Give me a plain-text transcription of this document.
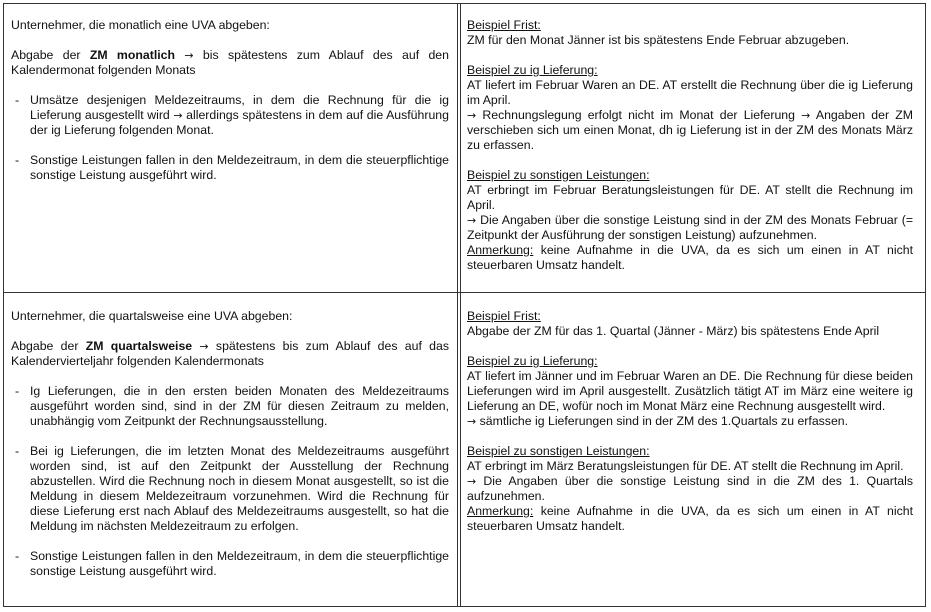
Unternehmer, die monatlich eine UVA abgeben:

Abgabe der ZM monatlich → bis spätestens zum Ablauf des auf den Kalendermonat folgenden Monats

- Umsätze desjenigen Meldezeitraums, in dem die Rechnung für die ig Lieferung ausgestellt wird → allerdings spätestens in dem auf die Ausführung der ig Lieferung folgenden Monat.

- Sonstige Leistungen fallen in den Meldezeitraum, in dem die steuerpflichtige sonstige Leistung ausgeführt wird.

Beispiel Frist:

ZM für den Monat Jänner ist bis spätestens Ende Februar abzugeben.

Beispiel zu ig Lieferung:

AT liefert im Februar Waren an DE. AT erstellt die Rechnung über die ig Lieferung im April.

→ Rechnungslegung erfolgt nicht im Monat der Lieferung → Angaben der ZM verschieben sich um einen Monat, dh ig Lieferung ist in der ZM des Monats März zu erfassen.

Beispiel zu sonstigen Leistungen:

AT erbringt im Februar Beratungsleistungen für DE. AT stellt die Rechnung im April.

→ Die Angaben über die sonstige Leistung sind in der ZM des Monats Februar (= Zeitpunkt der Ausführung der sonstigen Leistung) aufzunehmen.

Anmerkung: keine Aufnahme in die UVA, da es sich um einen in AT nicht steuerbaren Umsatz handelt.

Unternehmer, die quartalsweise eine UVA abgeben:

Abgabe der ZM quartalsweise → spätestens bis zum Ablauf des auf das Kalendervierteljahr folgenden Kalendermonats

- Ig Lieferungen, die in den ersten beiden Monaten des Meldezeitraums ausgeführt worden sind, sind in der ZM für diesen Zeitraum zu melden, unabhängig vom Zeitpunkt der Rechnungsausstellung.

- Bei ig Lieferungen, die im letzten Monat des Meldezeitraums ausgeführt worden sind, ist auf den Zeitpunkt der Ausstellung der Rechnung abzustellen. Wird die Rechnung noch in diesem Monat ausgestellt, so ist die Meldung in diesem Meldezeitraum vorzunehmen. Wird die Rechnung für diese Lieferung erst nach Ablauf des Meldezeitraums ausgestellt, so hat die Meldung im nächsten Meldezeitraum zu erfolgen.

- Sonstige Leistungen fallen in den Meldezeitraum, in dem die steuerpflichtige sonstige Leistung ausgeführt wird.

Beispiel Frist:

Abgabe der ZM für das 1. Quartal (Jänner - März) bis spätestens Ende April

Beispiel zu ig Lieferung:

AT liefert im Jänner und im Februar Waren an DE. Die Rechnung für diese beiden Lieferungen wird im April ausgestellt. Zusätzlich tätigt AT im März eine weitere ig Lieferung an DE, wofür noch im Monat März eine Rechnung ausgestellt wird.

→ sämtliche ig Lieferungen sind in der ZM des 1.Quartals zu erfassen.

Beispiel zu sonstigen Leistungen:

AT erbringt im März Beratungsleistungen für DE. AT stellt die Rechnung im April.

→ Die Angaben über die sonstige Leistung sind in die ZM des 1. Quartals aufzunehmen.

Anmerkung: keine Aufnahme in die UVA, da es sich um einen in AT nicht steuerbaren Umsatz handelt.
